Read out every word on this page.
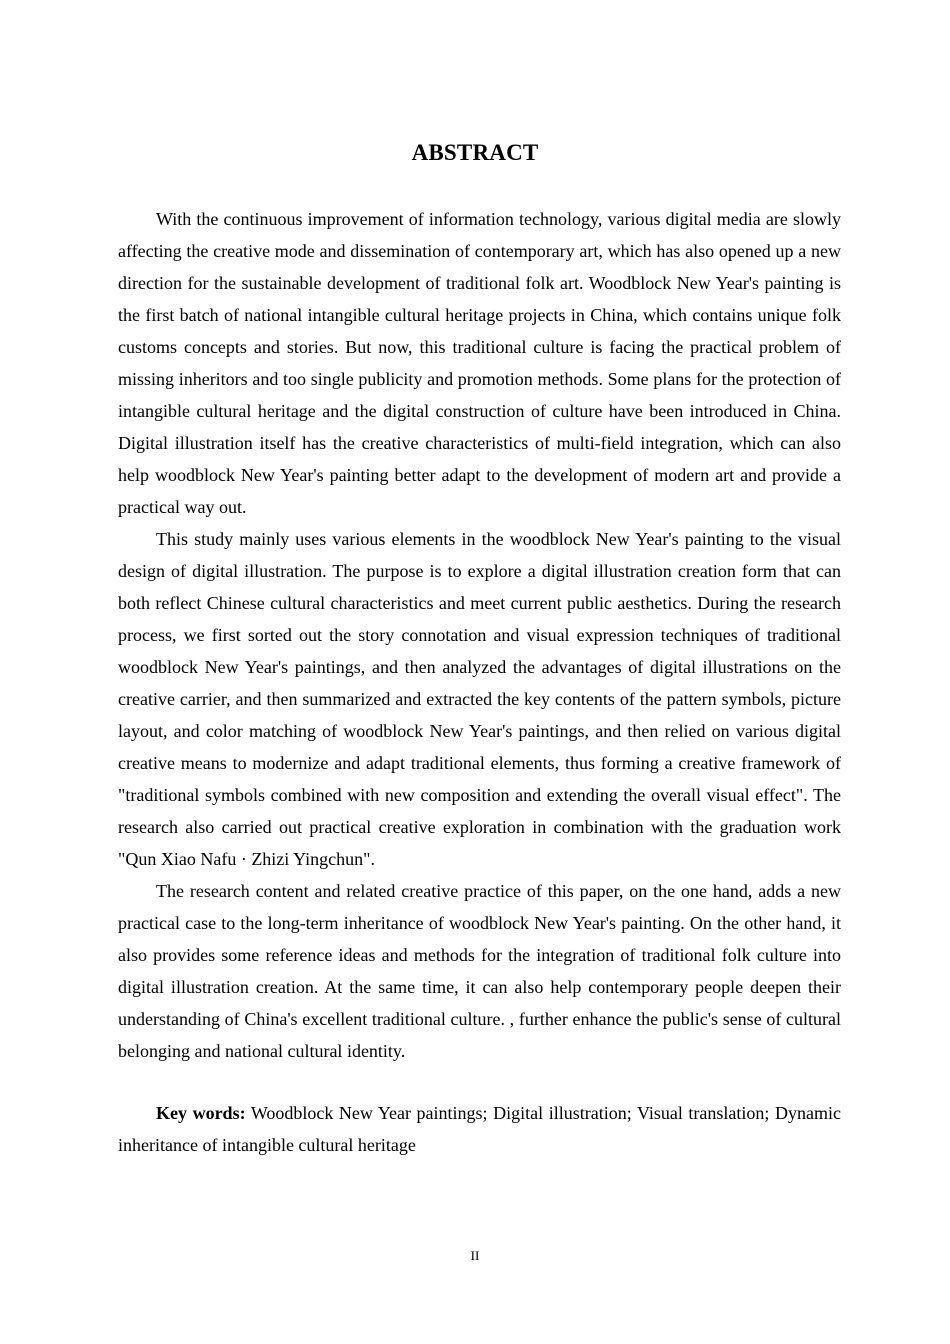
ABSTRACT

With the continuous improvement of information technology, various digital media are slowly affecting the creative mode and dissemination of contemporary art, which has also opened up a new direction for the sustainable development of traditional folk art. Woodblock New Year's painting is the first batch of national intangible cultural heritage projects in China, which contains unique folk customs concepts and stories. But now, this traditional culture is facing the practical problem of missing inheritors and too single publicity and promotion methods. Some plans for the protection of intangible cultural heritage and the digital construction of culture have been introduced in China. Digital illustration itself has the creative characteristics of multi-field integration, which can also help woodblock New Year's painting better adapt to the development of modern art and provide a practical way out.

This study mainly uses various elements in the woodblock New Year's painting to the visual design of digital illustration. The purpose is to explore a digital illustration creation form that can both reflect Chinese cultural characteristics and meet current public aesthetics. During the research process, we first sorted out the story connotation and visual expression techniques of traditional woodblock New Year's paintings, and then analyzed the advantages of digital illustrations on the creative carrier, and then summarized and extracted the key contents of the pattern symbols, picture layout, and color matching of woodblock New Year's paintings, and then relied on various digital creative means to modernize and adapt traditional elements, thus forming a creative framework of "traditional symbols combined with new composition and extending the overall visual effect". The research also carried out practical creative exploration in combination with the graduation work "Qun Xiao Nafu · Zhizi Yingchun".

The research content and related creative practice of this paper, on the one hand, adds a new practical case to the long-term inheritance of woodblock New Year's painting. On the other hand, it also provides some reference ideas and methods for the integration of traditional folk culture into digital illustration creation. At the same time, it can also help contemporary people deepen their understanding of China's excellent traditional culture. , further enhance the public's sense of cultural belonging and national cultural identity.

Key words: Woodblock New Year paintings; Digital illustration; Visual translation; Dynamic inheritance of intangible cultural heritage

II
